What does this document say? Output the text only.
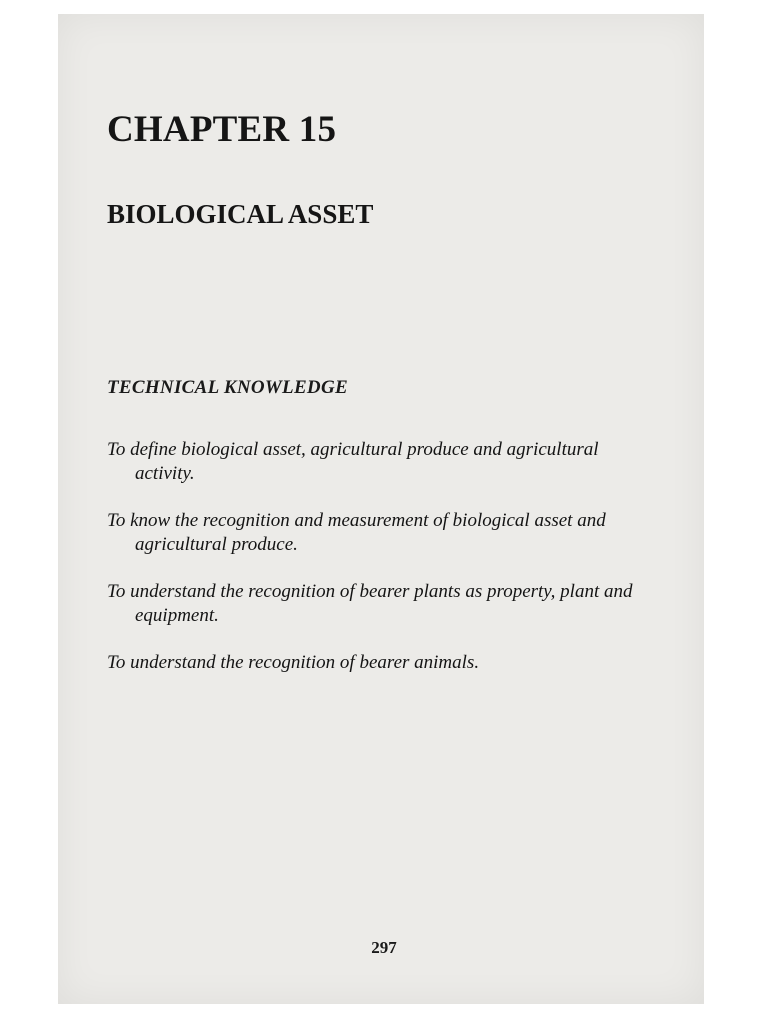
CHAPTER 15
BIOLOGICAL ASSET
TECHNICAL KNOWLEDGE
To define biological asset, agricultural produce and agricultural activity.
To know the recognition and measurement of biological asset and agricultural produce.
To understand the recognition of bearer plants as property, plant and equipment.
To understand the recognition of bearer animals.

297
